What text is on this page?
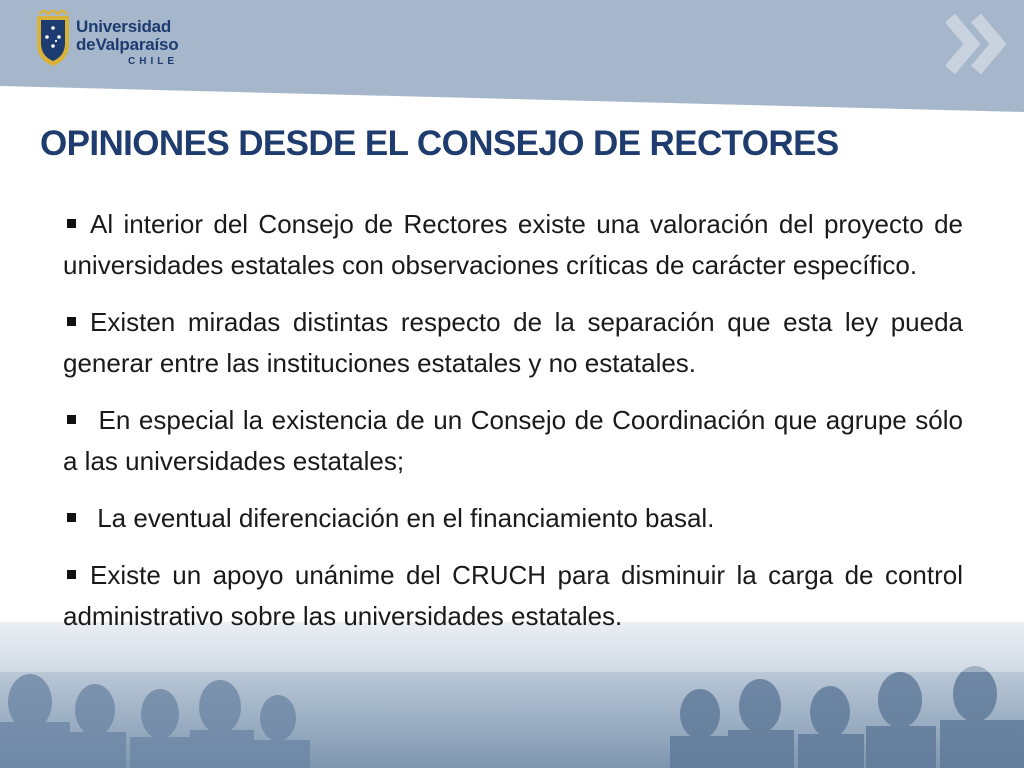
Universidad
deValparaíso
CHILE
OPINIONES DESDE EL CONSEJO DE RECTORES

Al interior del Consejo de Rectores existe una valoración del proyecto de universidades estatales con observaciones críticas de carácter específico.

Existen miradas distintas respecto de la separación que esta ley pueda generar entre las instituciones estatales y no estatales.

En especial la existencia de un Consejo de Coordinación que agrupe sólo a las universidades estatales;

La eventual diferenciación en el financiamiento basal.

Existe un apoyo unánime del CRUCH para disminuir la carga de control administrativo sobre las universidades estatales.
